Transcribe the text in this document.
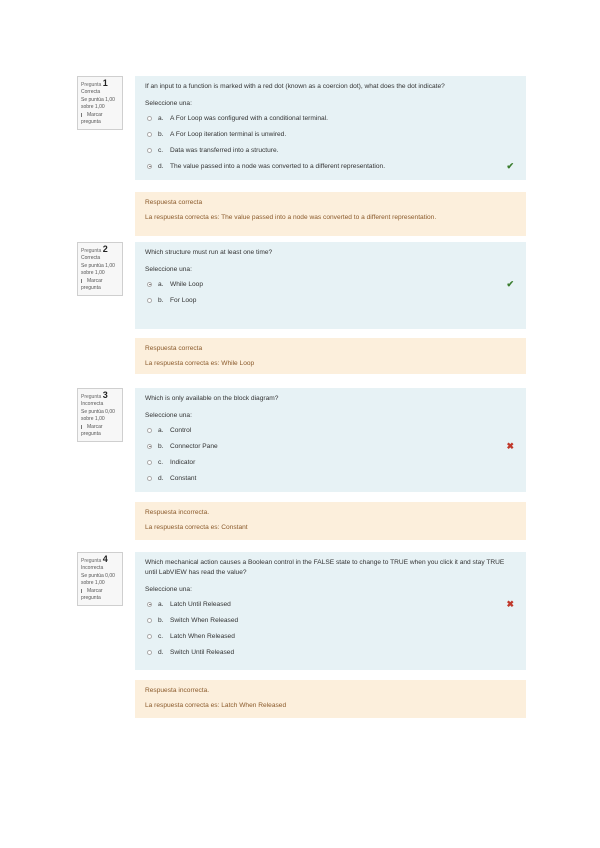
Pregunta 1
Correcta
Se puntúa 1,00 sobre 1,00
Marcar pregunta

If an input to a function is marked with a red dot (known as a coercion dot), what does the dot indicate?

Seleccione una:

a. A For Loop was configured with a conditional terminal.
b. A For Loop iteration terminal is unwired.
c.	Data was transferred into a structure.
d. The value passed into a node was converted to a different representation.	✔
Respuesta correcta
La respuesta correcta es: The value passed into a node was converted to a different representation.
Pregunta 2
Correcta
Se puntúa 1,00 sobre 1,00
Marcar pregunta

Which structure must run at least one time?

Seleccione una:

a. While Loop	✔
b. For Loop
Respuesta correcta
La respuesta correcta es: While Loop
Pregunta 3
Incorrecta
Se puntúa 0,00 sobre 1,00
Marcar pregunta

Which is only available on the block diagram?

Seleccione una:

a. Control
b. Connector Pane	✖
c.	Indicator
d. Constant
Respuesta incorrecta.
La respuesta correcta es: Constant
Pregunta 4
Incorrecta
Se puntúa 0,00 sobre 1,00
Marcar pregunta

Which mechanical action causes a Boolean control in the FALSE state to change to TRUE when you click it and stay TRUE until LabVIEW has read the value?

Seleccione una:

a. Latch Until Released	✖
b. Switch When Released
c.	Latch When Released
d. Switch Until Released
Respuesta incorrecta.
La respuesta correcta es: Latch When Released
